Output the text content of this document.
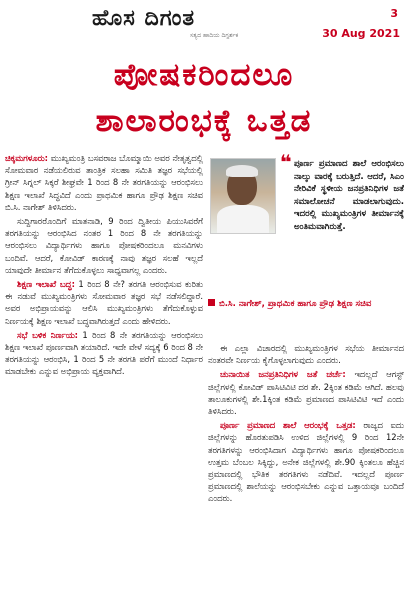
ಹೊಸ ದಿಗಂತ
ಸತ್ಯದ ಹಾದಿಯ ದಿಗ್ದರ್ಶಕ
3
30 Aug 2021
ಪೋಷಕರಿಂದಲೂ
ಶಾಲಾರಂಭಕ್ಕೆ ಒತ್ತಡ

ಚಿಕ್ಕಮಗಳೂರು: ಮುಖ್ಯಮಂತ್ರಿ ಬಸವರಾಜ ಬೊಮ್ಮಾಯಿ ಅವರ ನೇತೃತ್ವದಲ್ಲಿ ಸೋಮವಾರ ನಡೆಯಲಿರುವ ತಾಂತ್ರಿಕ ಸಲಹಾ ಸಮಿತಿ ತಜ್ಞರ ಸಭೆಯಲ್ಲಿ ಗ್ರೀನ್ ಸಿಗ್ನಲ್ ಸಿಕ್ಕರೆ ಶೀಘ್ರವೇ 1 ರಿಂದ 8 ನೇ ತರಗತಿಯನ್ನು ಆರಂಭಿಸಲು ಶಿಕ್ಷಣ ಇಲಾಖೆ ಸಿದ್ಧವಿದೆ ಎಂದು ಪ್ರಾಥಮಿಕ ಹಾಗೂ ಪ್ರೌಢ ಶಿಕ್ಷಣ ಸಚಿವ ಬಿ.ಸಿ. ನಾಗೇಶ್ ತಿಳಿಸಿದರು.

ಸುದ್ದಿಗಾರರೊಂದಿಗೆ ಮಾತನಾಡಿ, 9 ರಿಂದ ದ್ವಿತೀಯ ಪಿಯುಸಿವರೆಗೆ ತರಗತಿಯನ್ನು ಆರಂಭಿಸಿದ ನಂತರ 1 ರಿಂದ 8 ನೇ ತರಗತಿಯನ್ನು ಆರಂಭಿಸಲು ವಿದ್ಯಾರ್ಥಿಗಳು ಹಾಗೂ ಪೋಷಕರಿಂದಲೂ ಮನವಿಗಳು ಬಂದಿವೆ. ಆದರೆ, ಕೋವಿಡ್ ಕಾರಣಕ್ಕೆ ನಾವು ತಜ್ಞರ ಸಲಹೆ ಇಲ್ಲದೆ ಯಾವುದೇ ತೀರ್ಮಾನ ತೆಗೆದುಕೊಳ್ಳಲು ಸಾಧ್ಯವಾಗಲ್ಲ ಎಂದರು.

ಶಿಕ್ಷಣ ಇಲಾಖೆ ಬದ್ಧ: 1 ರಿಂದ 8 ನೇ? ತರಗತಿ ಆರಂಭಿಸುವ ಕುರಿತು ಈ ನಡುವೆ ಮುಖ್ಯಮಂತ್ರಿಗಳು ಸೋಮವಾರ ತಜ್ಞರ ಸಭೆ ನಡೆಸಲಿದ್ದಾರೆ. ಅವರ ಅಭಿಪ್ರಾಯವನ್ನು ಆಲಿಸಿ ಮುಖ್ಯಮಂತ್ರಿಗಳು ತೆಗೆದುಕೊಳ್ಳುವ ನಿರ್ಣಯಕ್ಕೆ ಶಿಕ್ಷಣ ಇಲಾಖೆ ಬದ್ಧವಾಗಿರುತ್ತದೆ ಎಂದು ಹೇಳಿದರು.

ಸಭೆ ಬಳಿಕ ನಿರ್ಣಯ: 1 ರಿಂದ 8 ನೇ ತರಗತಿಯನ್ನು ಆರಂಭಿಸಲು ಶಿಕ್ಷಣ ಇಲಾಖೆ ಪೂರ್ಣವಾಗಿ ತಯಾರಿದೆ. ಇದೇ ವೇಳೆ ಸದ್ಯಕ್ಕೆ 6 ರಿಂದ 8 ನೇ ತರಗತಿಯನ್ನು ಆರಂಭಿಸಿ, 1 ರಿಂದ 5 ನೇ ತರಗತಿ ಪರೆಗೆ ಮುಂದೆ ನಿರ್ಧಾರ ಮಾಡಬೇಕು ಎನ್ನುವ ಅಭಿಪ್ರಾಯ ವ್ಯಕ್ತವಾಗಿದೆ.

❝ ಪೂರ್ಣ ಪ್ರಮಾಣದ ಶಾಲೆ ಆರಂಭಿಸಲು ನಾಲ್ಕು ವಾರಕ್ಕೆ ಬರುತ್ತಿದೆ. ಆದರೆ, ಸಿಎಂ ನೇರಿವಿಕೆ ಸ್ಥಳೀಯ ಜನಪ್ರತಿನಿಧಿಗಳ ಜತೆ ಸಮಾಲೋಚನೆ ಮಾಡಲಾಗುವುದು. ಇದರಲ್ಲಿ ಮುಖ್ಯಮಂತ್ರಿಗಳ ತೀರ್ಮಾನಕ್ಕೆ ಅಂತಿಮವಾಗಿರುತ್ತೆ.
ಬಿ.ಸಿ. ನಾಗೇಶ್, ಪ್ರಾಥಮಿಕ ಹಾಗೂ ಪ್ರೌಢ ಶಿಕ್ಷಣ ಸಚಿವ

ಈ ಎಲ್ಲಾ ವಿಚಾರದಲ್ಲಿ ಮುಖ್ಯಮಂತ್ರಿಗಳ ಸಭೆಯ ತೀರ್ಮಾನದ ನಂತರವೇ ನಿರ್ಣಯ ಕೈಗೊಳ್ಳಲಾಗುವುದು ಎಂದರು.

ಚುನಾಯಿತ ಜನಪ್ರತಿನಿಧಿಗಳ ಜತೆ ಚರ್ಚೆ: ಇದಲ್ಲದೆ ಆಗಸ್ಟ್ ಜಿಲ್ಲೆಗಳಲ್ಲಿ ಕೋವಿಡ್ ಪಾಸಿಟಿವಿಟಿ ದರ ಶೇ. 2ಕ್ಕಿಂತ ಕಡಿಮೆ ಆಗಿದೆ. ಹಲವು ತಾಲೂಕುಗಳಲ್ಲಿ ಶೇ.1ಕ್ಕಿಂತ ಕಡಿಮೆ ಪ್ರಮಾಣದ ಪಾಸಿಟಿವಿಟಿ ಇದೆ ಎಂದು ತಿಳಿಸಿದರು.

ಪೂರ್ಣ ಪ್ರಮಾಣದ ಶಾಲೆ ಆರಂಭಕ್ಕೆ ಒತ್ತಡ: ರಾಜ್ಯದ ಐದು ಜಿಲ್ಲೆಗಳನ್ನು ಹೊರತುಪಡಿಸಿ ಉಳಿದ ಜಿಲ್ಲೆಗಳಲ್ಲಿ 9 ರಿಂದ 12ನೇ ತರಗತಿಗಳನ್ನು ಆರಂಭಿಸಿದಾಗ ವಿದ್ಯಾರ್ಥಿಗಳು ಹಾಗೂ ಪೋಷಕರಿಂದಲೂ ಉತ್ತಮ ಬೆಂಬಲ ಸಿಕ್ಕಿದ್ದು, ಅನೇಕ ಜಿಲ್ಲೆಗಳಲ್ಲಿ ಶೇ.90 ಕ್ಕಿಂತಲೂ ಹೆಚ್ಚಿನ ಪ್ರಮಾಣದಲ್ಲಿ ಭೌತಿಕ ತರಗತಿಗಳು ನಡೆದಿವೆ. ಇದಲ್ಲದೆ ಪೂರ್ಣ ಪ್ರಮಾಣದಲ್ಲಿ ಶಾಲೆಯನ್ನು ಆರಂಭಿಸಬೇಕು ಎನ್ನುವ ಒತ್ತಾಯವೂ ಬಂದಿದೆ ಎಂದರು.
